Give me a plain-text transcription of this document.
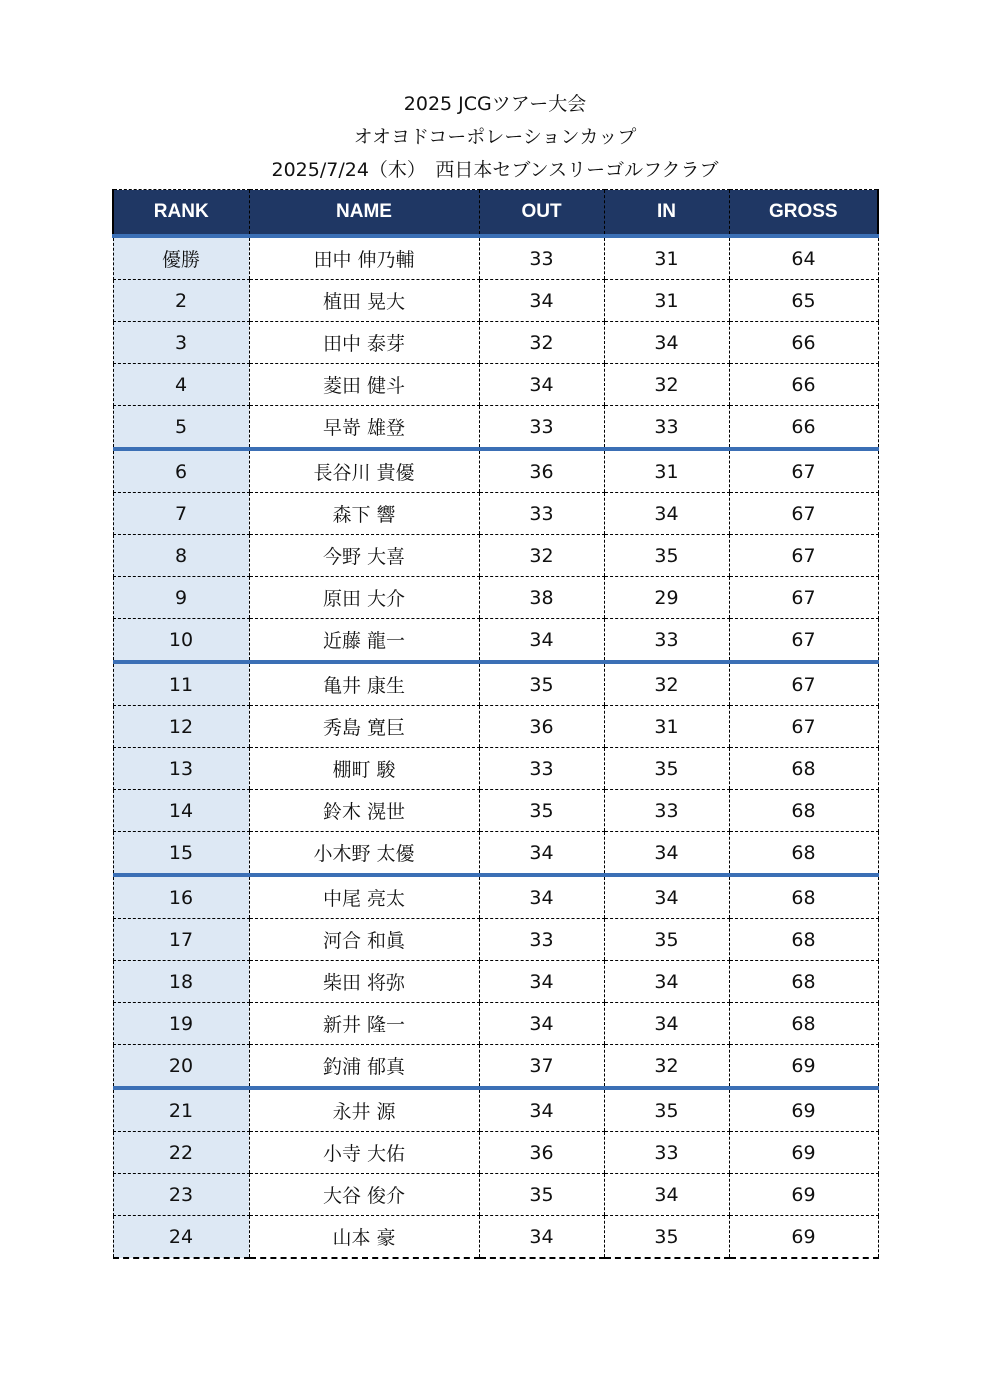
2025 JCGツアー大会
オオヨドコーポレーションカップ
2025/7/24（木）　西日本セブンスリーゴルフクラブ
RANK	NAME	OUT	IN	GROSS
優勝	田中 伸乃輔	33	31	64
2	植田 晃大	34	31	65
3	田中 泰芽	32	34	66
4	菱田 健斗	34	32	66
5	早嵜 雄登	33	33	66
6	長谷川 貴優	36	31	67
7	森下 響	33	34	67
8	今野 大喜	32	35	67
9	原田 大介	38	29	67
10	近藤 龍一	34	33	67
11	亀井 康生	35	32	67
12	秀島 寛巨	36	31	67
13	棚町 駿	33	35	68
14	鈴木 滉世	35	33	68
15	小木野 太優	34	34	68
16	中尾 亮太	34	34	68
17	河合 和眞	33	35	68
18	柴田 将弥	34	34	68
19	新井 隆一	34	34	68
20	釣浦 郁真	37	32	69
21	永井 源	34	35	69
22	小寺 大佑	36	33	69
23	大谷 俊介	35	34	69
24	山本 豪	34	35	69
